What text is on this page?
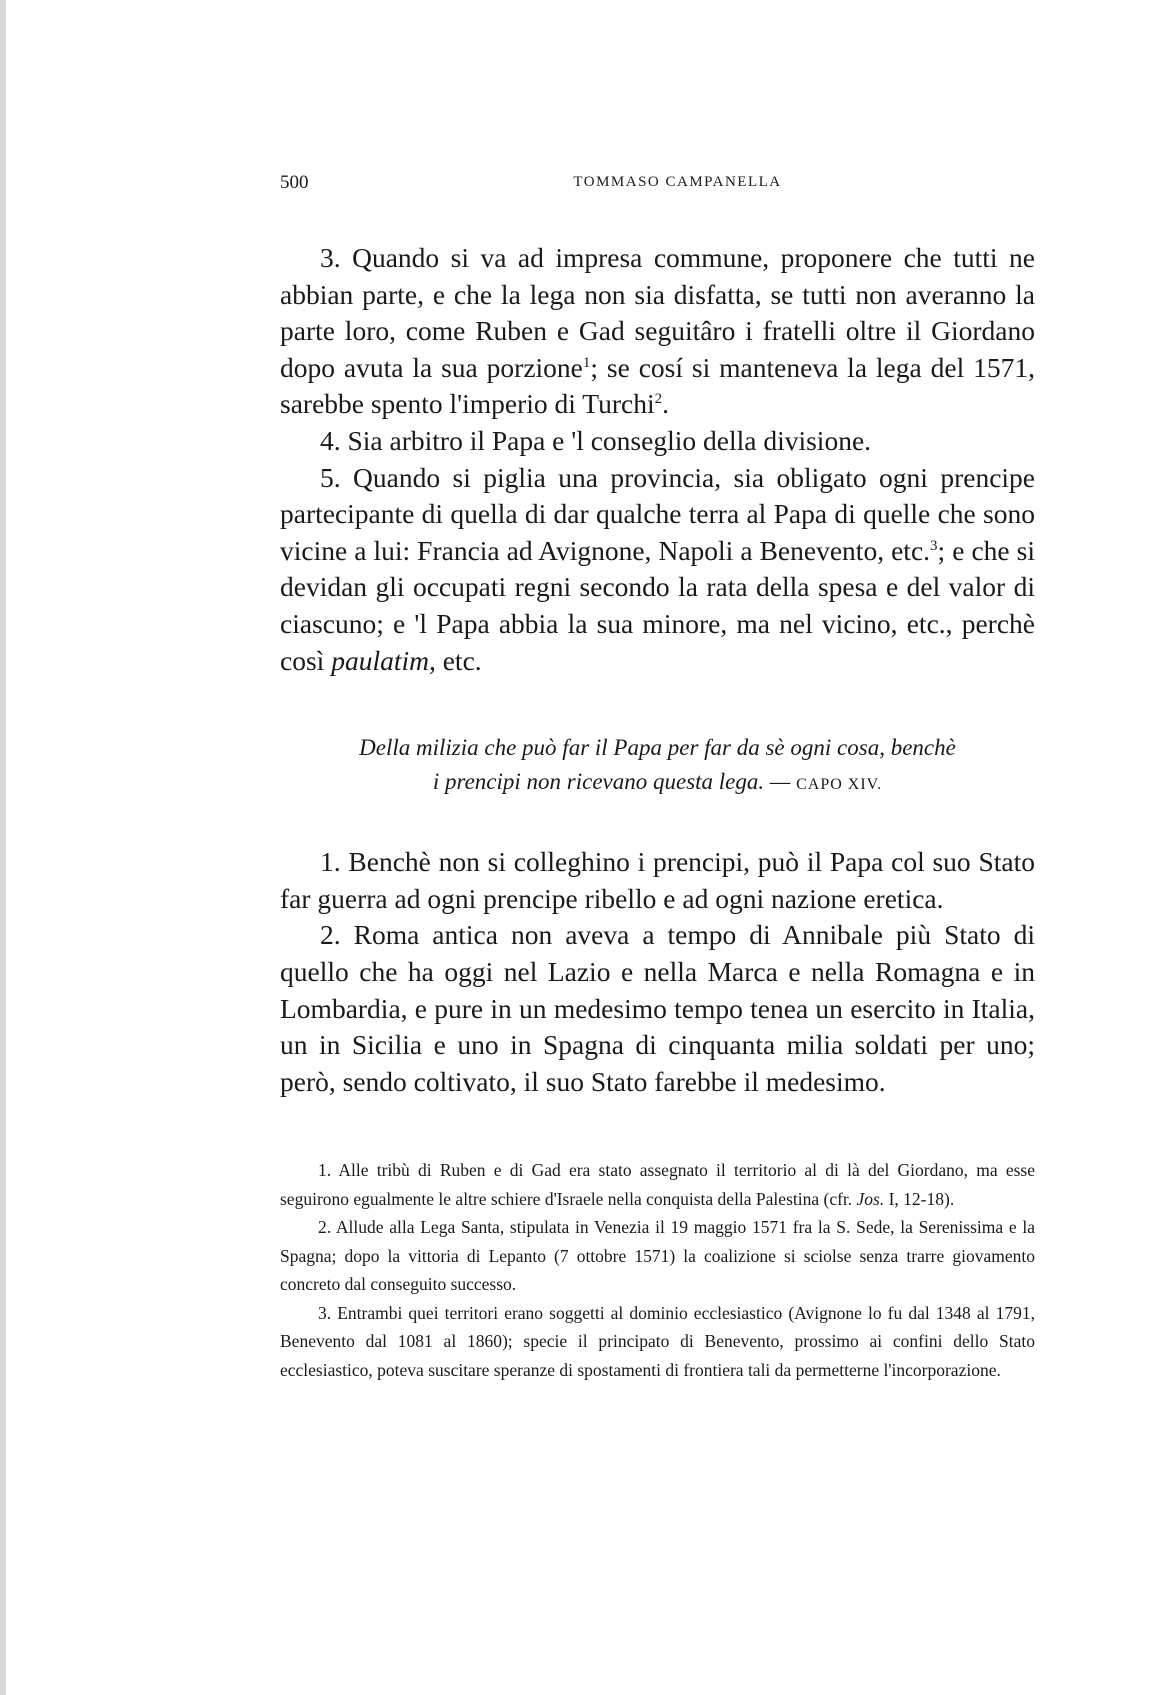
500	TOMMASO CAMPANELLA

3. Quando si va ad impresa commune, proponere che tutti ne abbian parte, e che la lega non sia disfatta, se tutti non averanno la parte loro, come Ruben e Gad seguitâro i fratelli oltre il Giordano dopo avuta la sua porzione$^1$; se cosí si manteneva la lega del 1571, sarebbe spento l'imperio di Turchi$^2$.

4. Sia arbitro il Papa e 'l conseglio della divisione.

5. Quando si piglia una provincia, sia obligato ogni prencipe partecipante di quella di dar qualche terra al Papa di quelle che sono vicine a lui: Francia ad Avignone, Napoli a Benevento, etc.$^3$; e che si devidan gli occupati regni secondo la rata della spesa e del valor di ciascuno; e 'l Papa abbia la sua minore, ma nel vicino, etc., perchè così paulatim, etc.

Della milizia che può far il Papa per far da sè ogni cosa, benchè
i prencipi non ricevano questa lega. — CAPO XIV.

1. Benchè non si colleghino i prencipi, può il Papa col suo Stato far guerra ad ogni prencipe ribello e ad ogni nazione eretica.

2. Roma antica non aveva a tempo di Annibale più Stato di quello che ha oggi nel Lazio e nella Marca e nella Romagna e in Lombardia, e pure in un medesimo tempo tenea un esercito in Italia, un in Sicilia e uno in Spagna di cinquanta milia soldati per uno; però, sendo coltivato, il suo Stato farebbe il medesimo.

1. Alle tribù di Ruben e di Gad era stato assegnato il territorio al di là del Giordano, ma esse seguirono egualmente le altre schiere d'Israele nella conquista della Palestina (cfr. Jos. I, 12-18).

2. Allude alla Lega Santa, stipulata in Venezia il 19 maggio 1571 fra la S. Sede, la Serenissima e la Spagna; dopo la vittoria di Lepanto (7 ottobre 1571) la coalizione si sciolse senza trarre giovamento concreto dal conseguito successo.

3. Entrambi quei territori erano soggetti al dominio ecclesiastico (Avignone lo fu dal 1348 al 1791, Benevento dal 1081 al 1860); specie il principato di Benevento, prossimo ai confini dello Stato ecclesiastico, poteva suscitare speranze di spostamenti di frontiera tali da permetterne l'incorporazione.
